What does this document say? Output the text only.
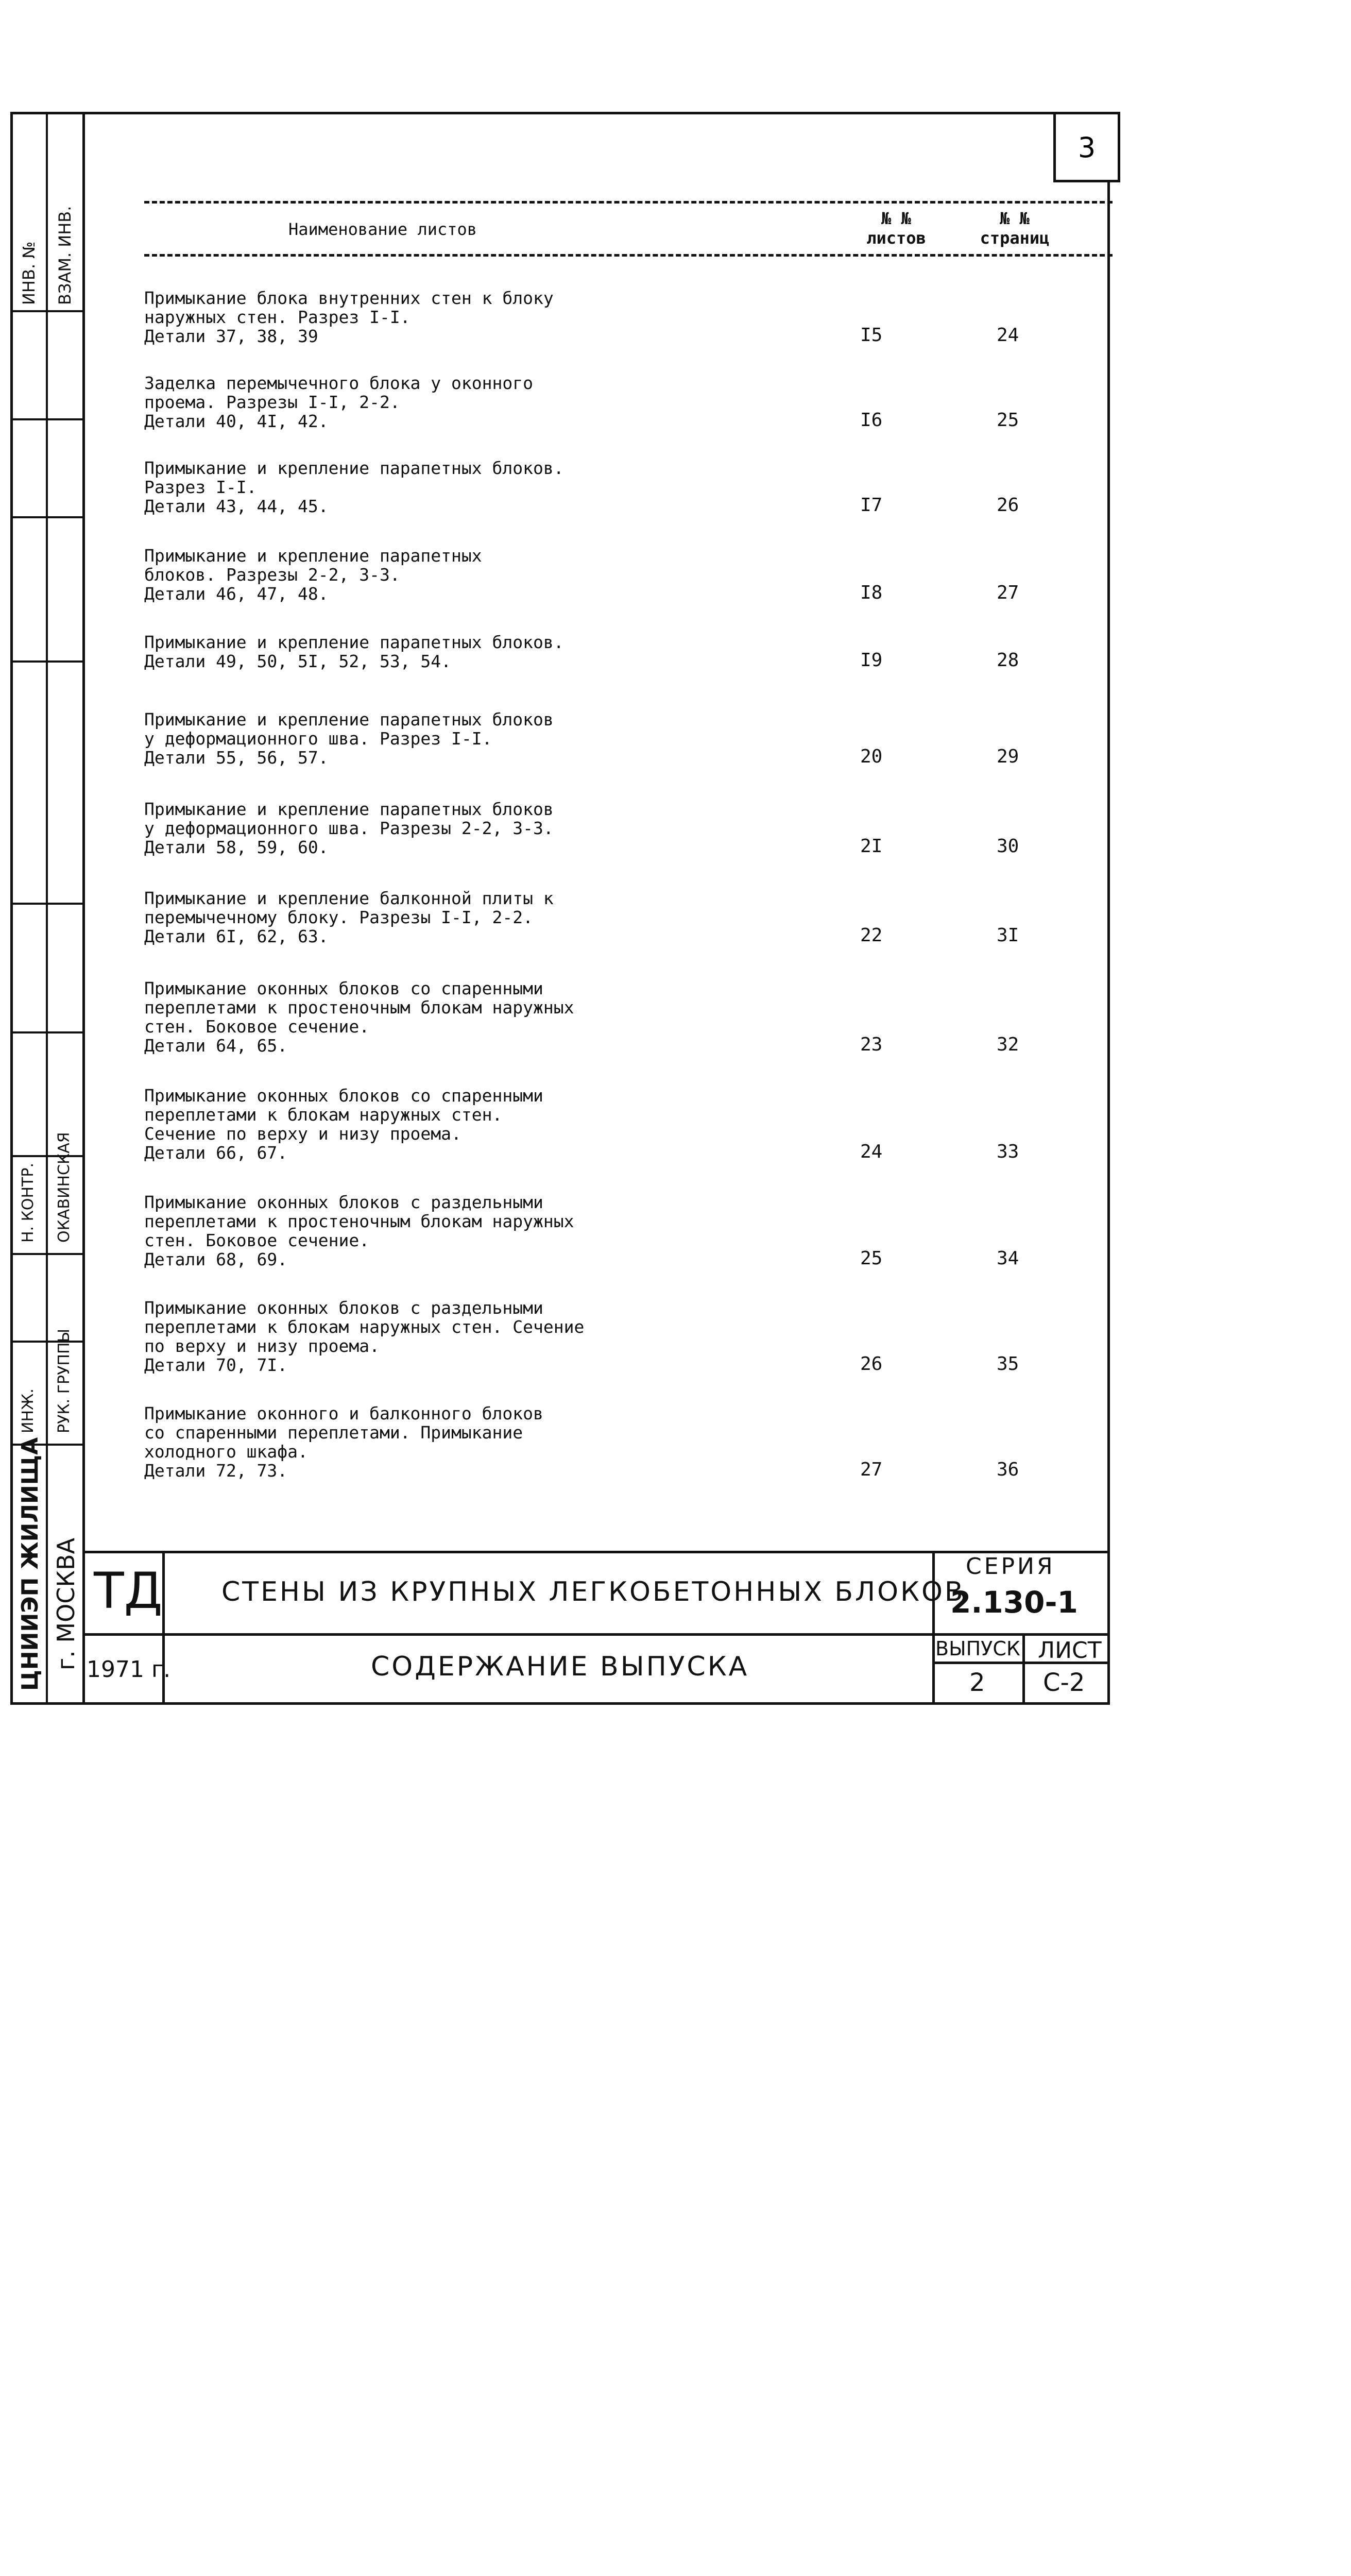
ЦНИИЭП ЖИЛИЩА г. МОСКВА
ИНВ. № ВЗАМ. ИНВ.
РУК. ГРУППЫ
ИНЖ.
Н. КОНТР. ОКАВИНСКАЯ
3
Наименование листов
№ №
листов
№ №
страниц
Примыкание блока внутренних стен к блоку
наружных стен. Разрез I-I.
Детали 37, 38, 39	I5	24
Заделка перемычечного блока у оконного
проема. Разрезы I-I, 2-2.
Детали 40, 4I, 42.	I6	25
Примыкание и крепление парапетных блоков.
Разрез I-I.
Детали 43, 44, 45.	I7	26
Примыкание и крепление парапетных
блоков. Разрезы 2-2, 3-3.
Детали 46, 47, 48.	I8	27
Примыкание и крепление парапетных блоков.
Детали 49, 50, 5I, 52, 53, 54.	I9	28
Примыкание и крепление парапетных блоков
у деформационного шва. Разрез I-I.
Детали 55, 56, 57.	20	29
Примыкание и крепление парапетных блоков
у деформационного шва. Разрезы 2-2, 3-3.
Детали 58, 59, 60.	2I	30
Примыкание и крепление балконной плиты к
перемычечному блоку. Разрезы I-I, 2-2.
Детали 6I, 62, 63.	22	3I
Примыкание оконных блоков со спаренными
переплетами к простеночным блокам наружных
стен. Боковое сечение.
Детали 64, 65.	23	32
Примыкание оконных блоков со спаренными
переплетами к блокам наружных стен.
Сечение по верху и низу проема.
Детали 66, 67.	24	33
Примыкание оконных блоков с раздельными
переплетами к простеночным блокам наружных
стен. Боковое сечение.
Детали 68, 69.	25	34
Примыкание оконных блоков с раздельными
переплетами к блокам наружных стен. Сечение
по верху и низу проема.
Детали 70, 7I.	26	35
Примыкание оконного и балконного блоков
со спаренными переплетами. Примыкание
холодного шкафа.
Детали 72, 73.	27	36
ТД СТЕНЫ ИЗ КРУПНЫХ ЛЕГКОБЕТОННЫХ БЛОКОВ
СОДЕРЖАНИЕ ВЫПУСКА
1971 г.
СЕРИЯ
2.130-1
ВЫПУСК
2
ЛИСТ
С-2
